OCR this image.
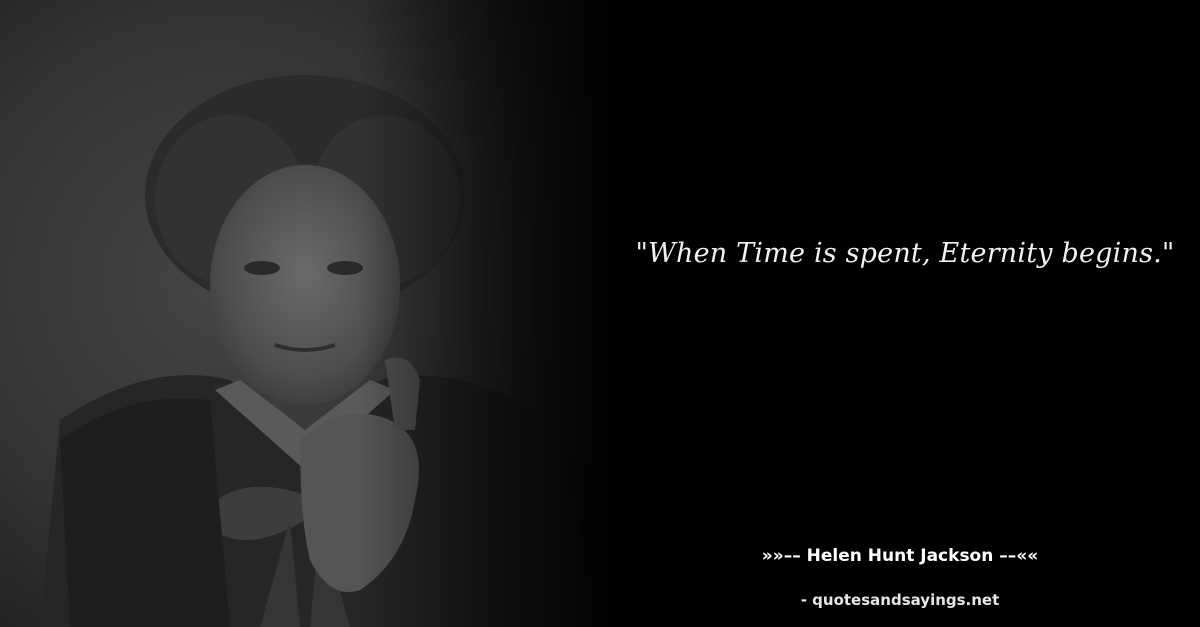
"When Time is spent, Eternity begins."
»»–– Helen Hunt Jackson ––««
- quotesandsayings.net
